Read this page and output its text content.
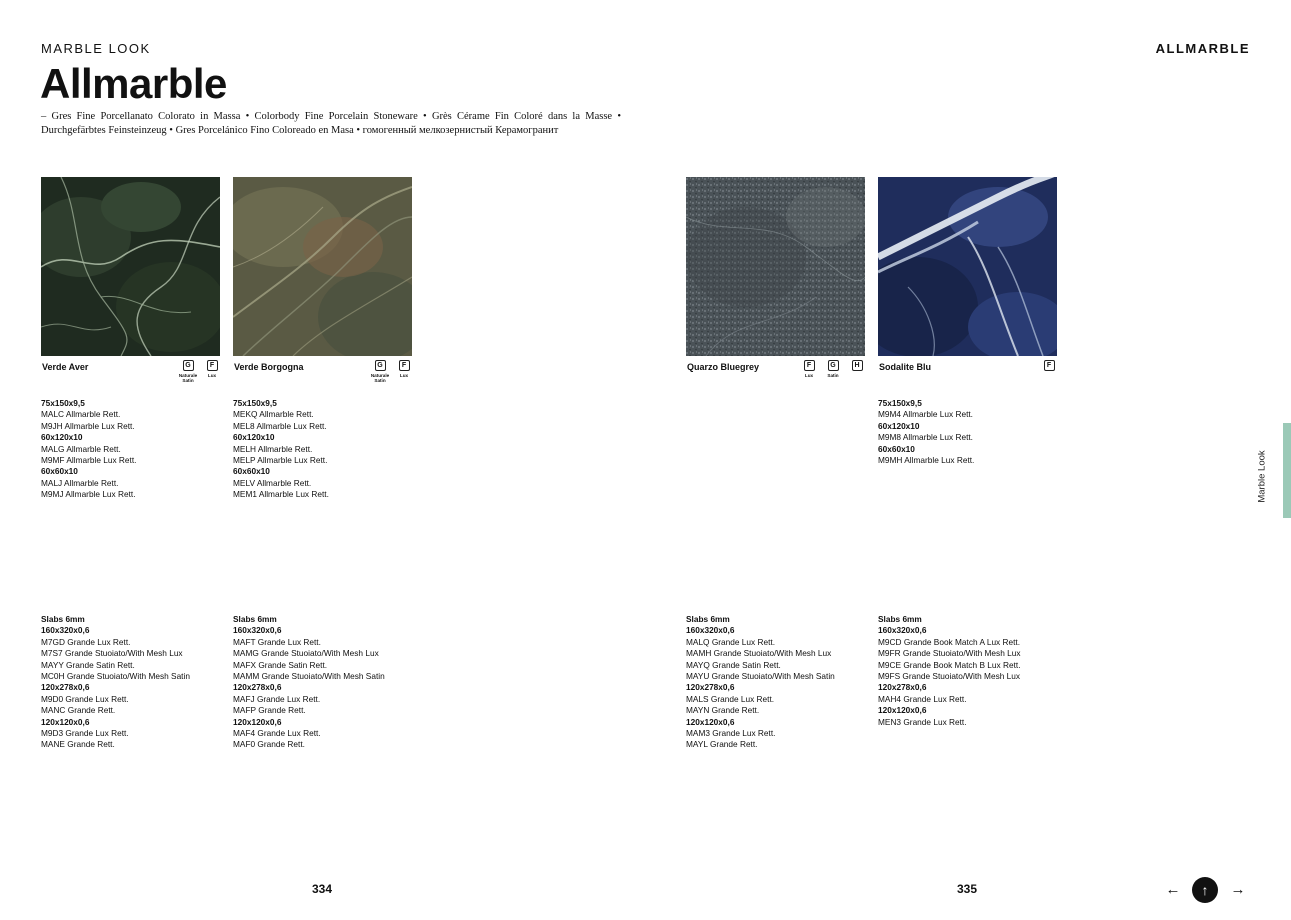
MARBLE LOOK	ALLMARBLE
Allmarble

– Gres Fine Porcellanato Colorato in Massa • Colorbody Fine Porcelain Stoneware • Grès Cérame Fin Coloré dans la Masse • Durchgefärbtes Feinsteinzeug • Gres Porcelánico Fino Coloreado en Masa • гомогенный мелкозернистый Керамогранит

Verde Aver	G
Naturale
Satin
F
Lux
Verde Borgogna	G
Naturale
Satin
F
Lux
Quarzo Bluegrey	F
Lux
G
Satin
H	Sodalite Blu	F
75x150x9,5
MALC Allmarble Rett.
M9JH Allmarble Lux Rett.
60x120x10
MALG Allmarble Rett.
M9MF Allmarble Lux Rett.
60x60x10
MALJ Allmarble Rett.
M9MJ Allmarble Lux Rett.
75x150x9,5
MEKQ Allmarble Rett.
MEL8 Allmarble Lux Rett.
60x120x10
MELH Allmarble Rett.
MELP Allmarble Lux Rett.
60x60x10
MELV Allmarble Rett.
MEM1 Allmarble Lux Rett.
75x150x9,5
M9M4 Allmarble Lux Rett.
60x120x10
M9M8 Allmarble Lux Rett.
60x60x10
M9MH Allmarble Lux Rett.
Slabs 6mm
160x320x0,6
M7GD Grande Lux Rett.
M7S7 Grande Stuoiato/With Mesh Lux
MAYY Grande Satin Rett.
MC0H Grande Stuoiato/With Mesh Satin
120x278x0,6
M9D0 Grande Lux Rett.
MANC Grande Rett.
120x120x0,6
M9D3 Grande Lux Rett.
MANE Grande Rett.
Slabs 6mm
160x320x0,6
MAFT Grande Lux Rett.
MAMG Grande Stuoiato/With Mesh Lux
MAFX Grande Satin Rett.
MAMM Grande Stuoiato/With Mesh Satin
120x278x0,6
MAFJ Grande Lux Rett.
MAFP Grande Rett.
120x120x0,6
MAF4 Grande Lux Rett.
MAF0 Grande Rett.
Slabs 6mm
160x320x0,6
MALQ Grande Lux Rett.
MAMH Grande Stuoiato/With Mesh Lux
MAYQ Grande Satin Rett.
MAYU Grande Stuoiato/With Mesh Satin
120x278x0,6
MALS Grande Lux Rett.
MAYN Grande Rett.
120x120x0,6
MAM3 Grande Lux Rett.
MAYL Grande Rett.
Slabs 6mm
160x320x0,6
M9CD Grande Book Match A Lux Rett.
M9FR Grande Stuoiato/With Mesh Lux
M9CE Grande Book Match B Lux Rett.
M9FS Grande Stuoiato/With Mesh Lux
120x278x0,6
MAH4 Grande Lux Rett.
120x120x0,6
MEN3 Grande Lux Rett.
334	335
Marble Look
←	↑	→
